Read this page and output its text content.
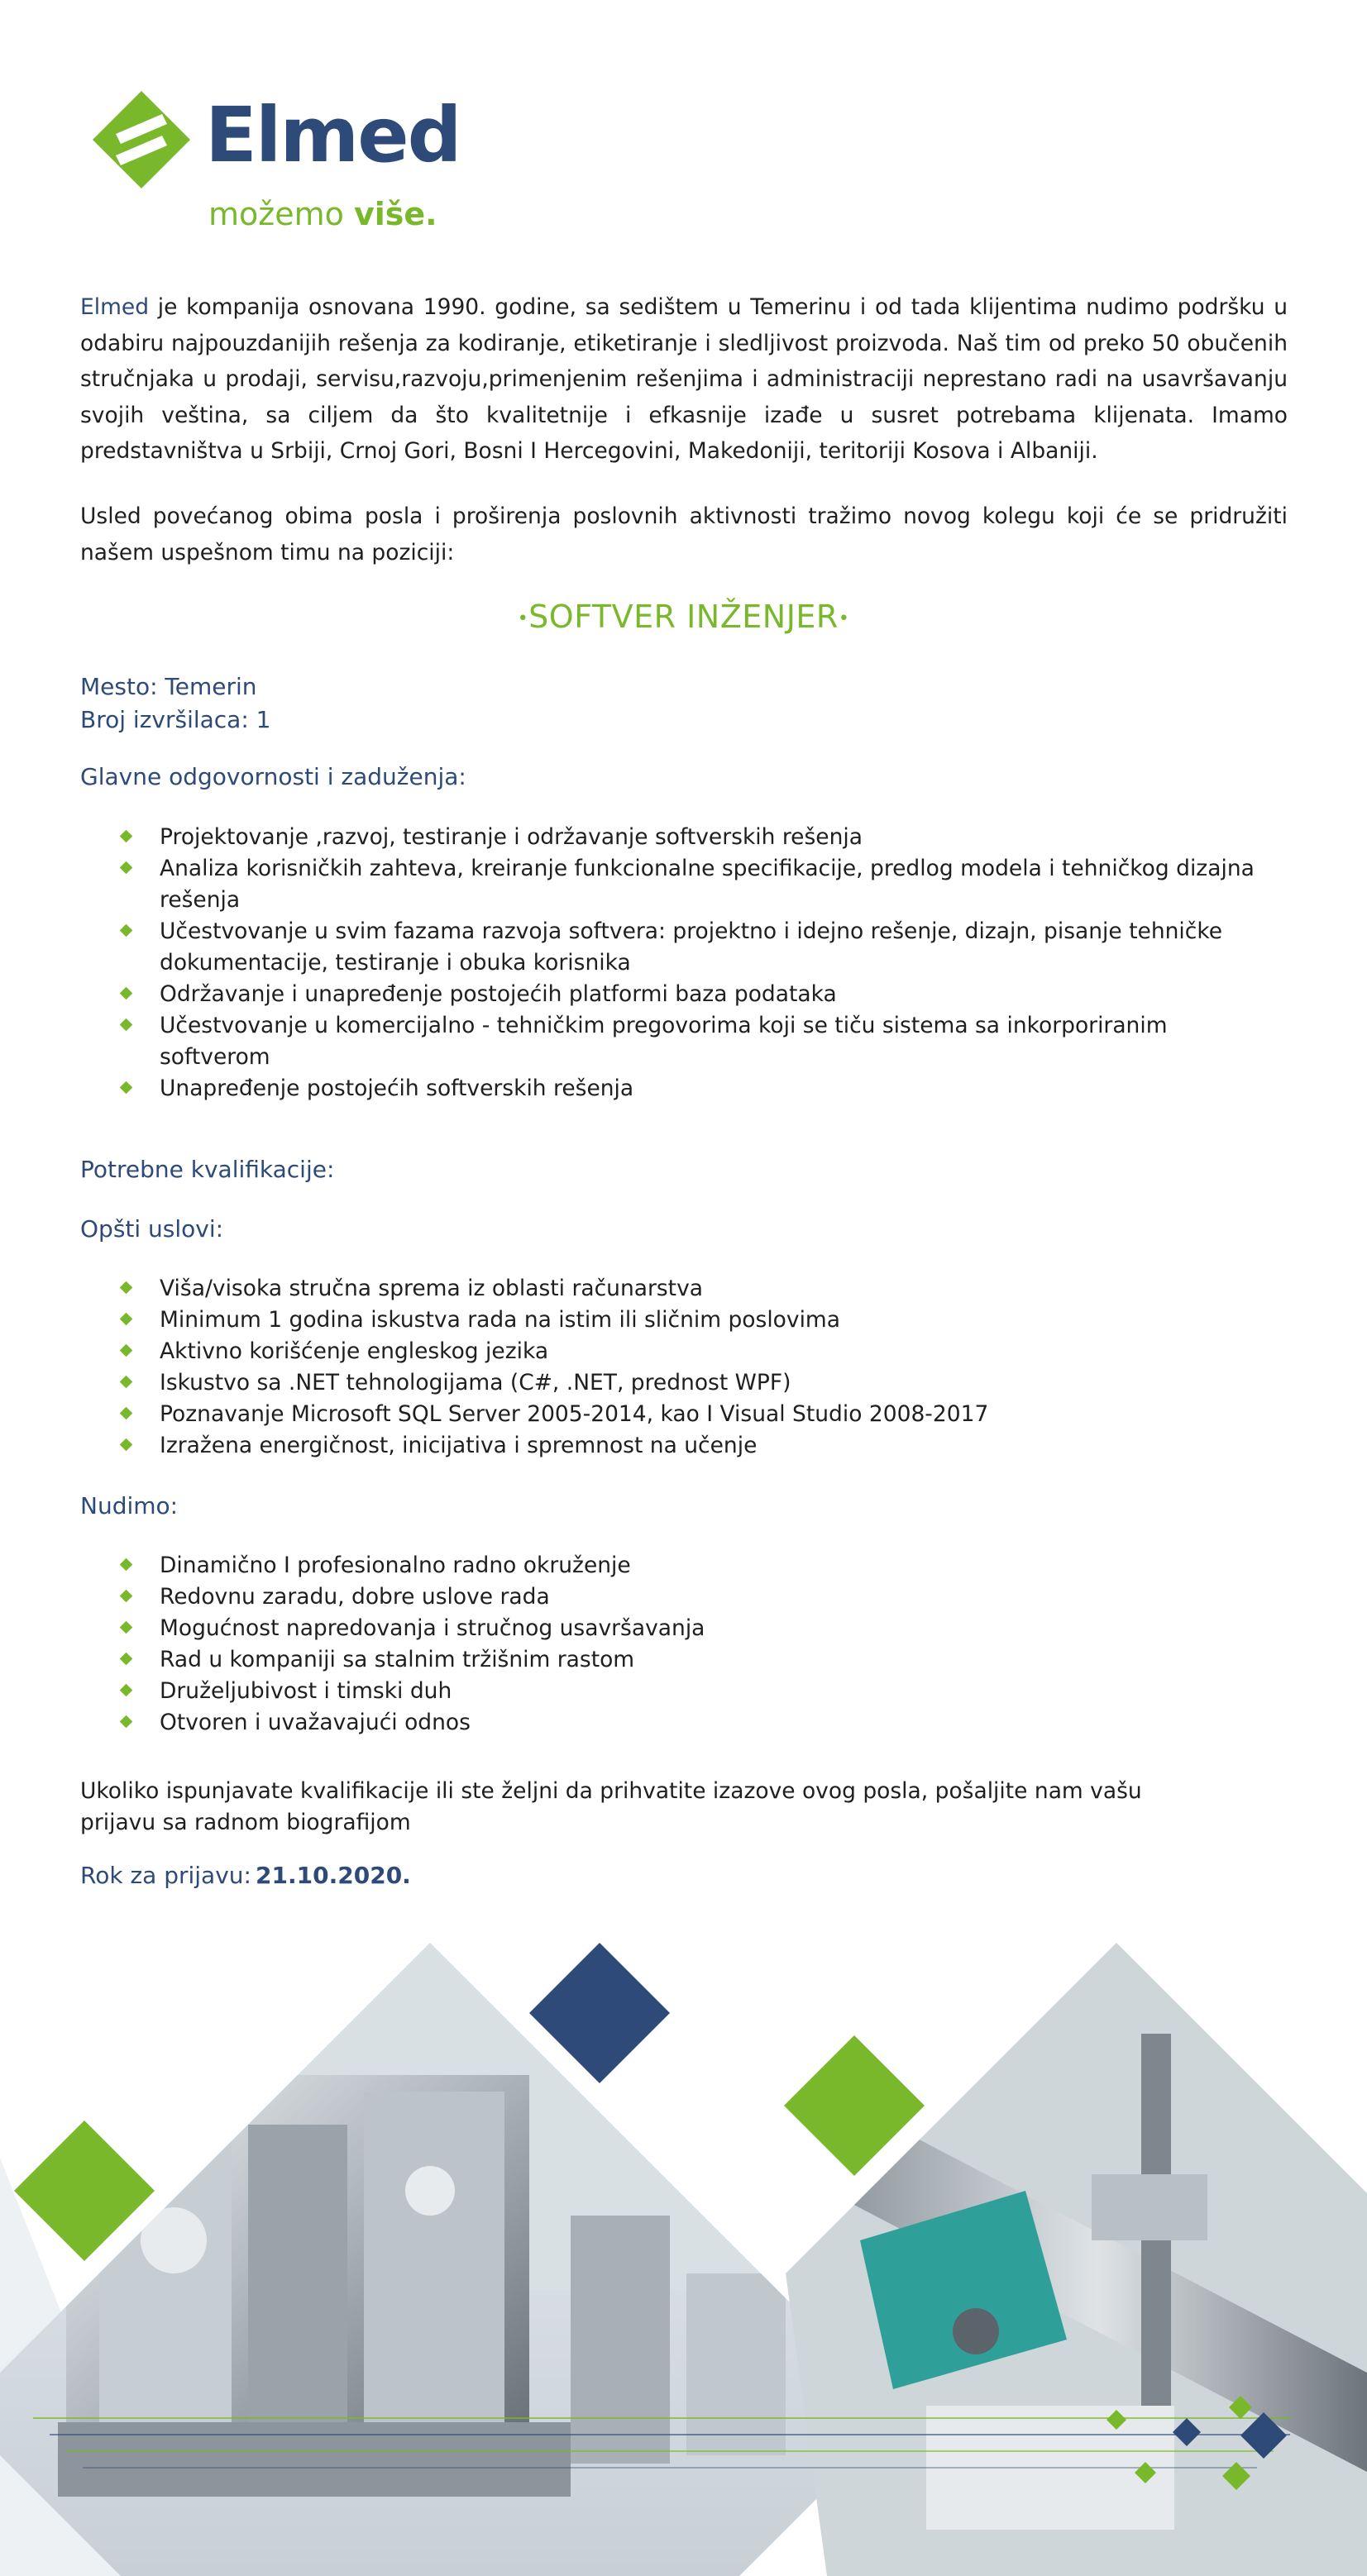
Elmed
možemo više.

Elmed je kompanija osnovana 1990. godine, sa sedištem u Temerinu i od tada klijentima nudimo podršku u odabiru najpouzdanijih rešenja za kodiranje, etiketiranje i sledljivost proizvoda. Naš tim od preko 50 obučenih stručnjaka u prodaji, servisu,razvoju,primenjenim rešenjima i administraciji neprestano radi na usavršavanju svojih veština, sa ciljem da što kvalitetnije i efkasnije izađe u susret potrebama klijenata. Imamo predstavništva u Srbiji, Crnoj Gori, Bosni I Hercegovini, Makedoniji, teritoriji Kosova i Albaniji.

Usled povećanog obima posla i proširenja poslovnih aktivnosti tražimo novog kolegu koji će se pridružiti našem uspešnom timu na poziciji:

•SOFTVER INŽENJER•

Mesto: Temerin

Broj izvršilaca: 1

Glavne odgovornosti i zaduženja:

Projektovanje ,razvoj, testiranje i održavanje softverskih rešenja
Analiza korisničkih zahteva, kreiranje funkcionalne specifikacije, predlog modela i tehničkog dizajna rešenja
Učestvovanje u svim fazama razvoja softvera: projektno i idejno rešenje, dizajn, pisanje tehničke dokumentacije, testiranje i obuka korisnika
Održavanje i unapređenje postojećih platformi baza podataka
Učestvovanje u komercijalno - tehničkim pregovorima koji se tiču sistema sa inkorporiranim softverom
Unapređenje postojećih softverskih rešenja

Potrebne kvalifikacije:

Opšti uslovi:

Viša/visoka stručna sprema iz oblasti računarstva
Minimum 1 godina iskustva rada na istim ili sličnim poslovima
Aktivno korišćenje engleskog jezika
Iskustvo sa .NET tehnologijama (C#, .NET, prednost WPF)
Poznavanje Microsoft SQL Server 2005-2014, kao I Visual Studio 2008-2017
Izražena energičnost, inicijativa i spremnost na učenje

Nudimo:

Dinamično I profesionalno radno okruženje
Redovnu zaradu, dobre uslove rada
Mogućnost napredovanja i stručnog usavršavanja
Rad u kompaniji sa stalnim tržišnim rastom
Druželjubivost i timski duh
Otvoren i uvažavajući odnos

Ukoliko ispunjavate kvalifikacije ili ste željni da prihvatite izazove ovog posla, pošaljite nam vašu prijavu sa radnom biografijom

Rok za prijavu: 21.10.2020.
